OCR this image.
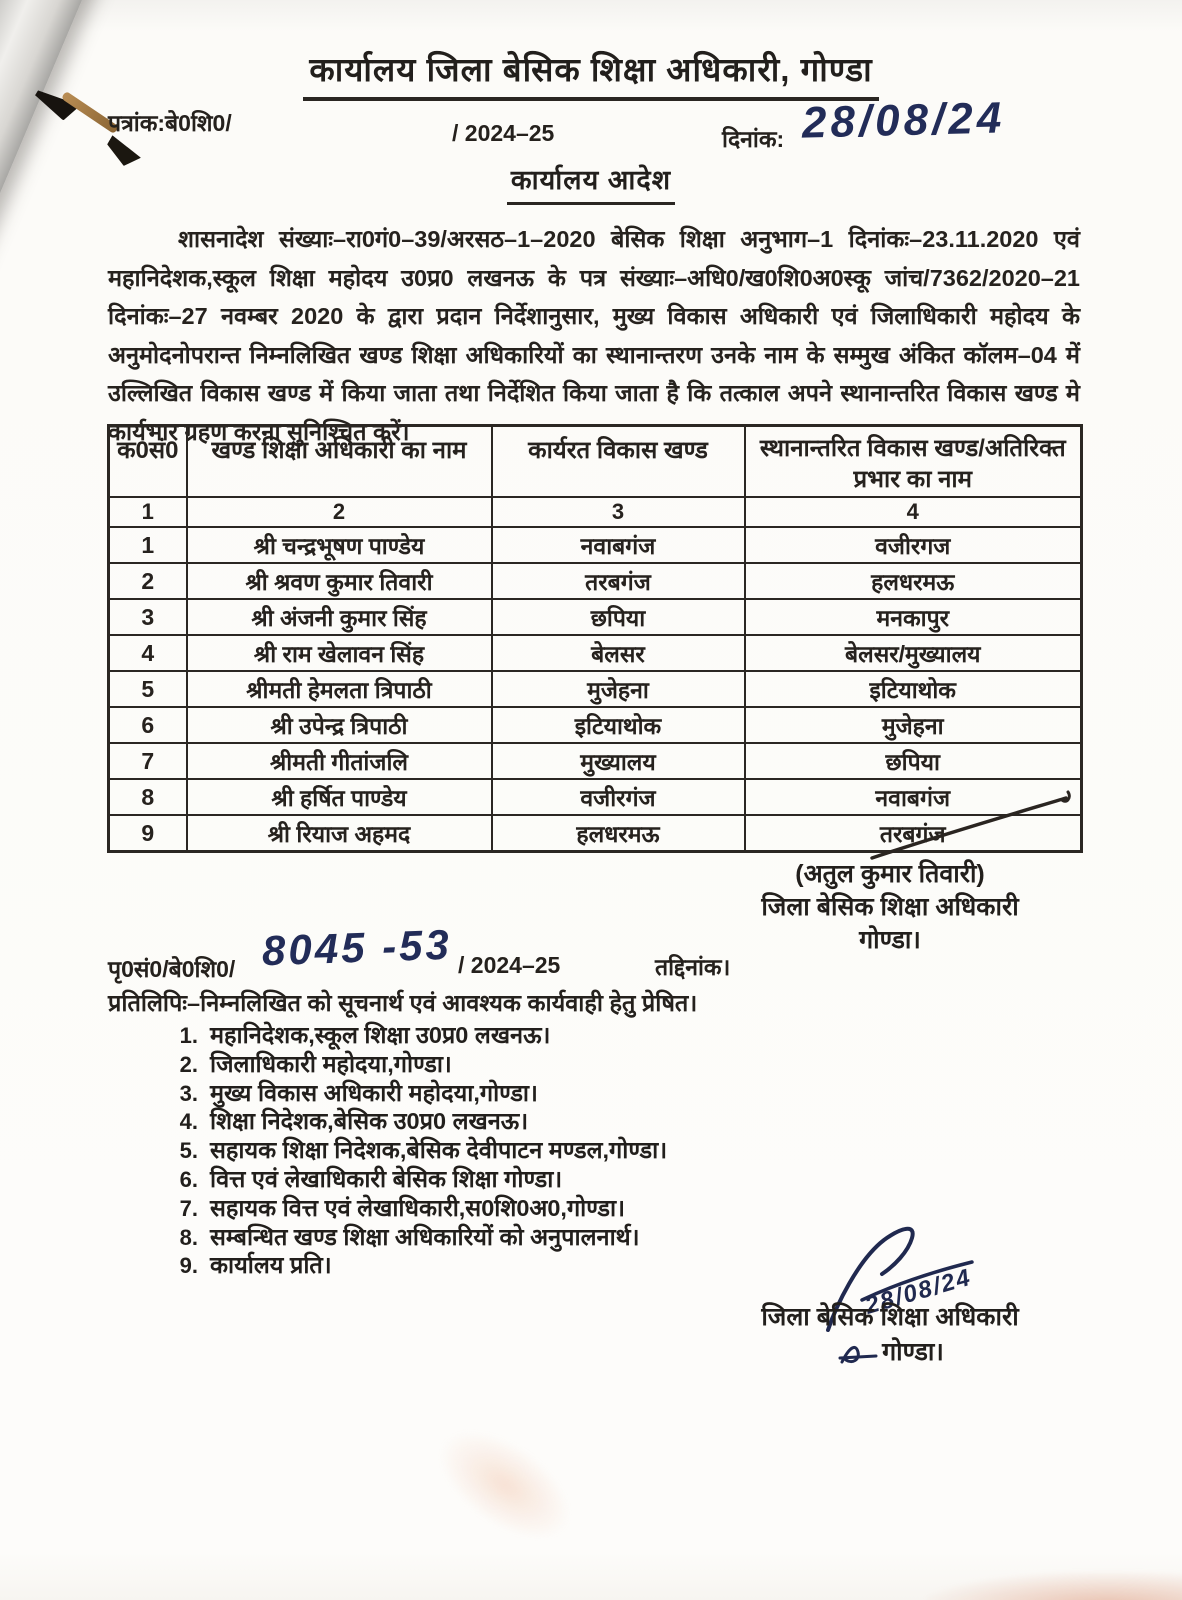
कार्यालय जिला बेसिक शिक्षा अधिकारी, गोण्डा
पत्रांक:बे0शि0/	/ 2024–25	दिनांक: 28/08/24
कार्यालय आदेश

शासनादेश संख्याः–रा0गं0–39/अरसठ–1–2020 बेसिक शिक्षा अनुभाग–1 दिनांकः–23.11.2020 एवं महानिदेशक,स्कूल शिक्षा महोदय उ0प्र0 लखनऊ के पत्र संख्याः–अधि0/ख0शि0अ0स्कू जांच/7362/2020–21 दिनांकः–27 नवम्बर 2020 के द्वारा प्रदान निर्देशानुसार, मुख्य विकास अधिकारी एवं जिलाधिकारी महोदय के अनुमोदनोपरान्त निम्नलिखित खण्ड शिक्षा अधिकारियों का स्थानान्तरण उनके नाम के सम्मुख अंकित कॉलम–04 में उल्लिखित विकास खण्ड में किया जाता तथा निर्देशित किया जाता है कि तत्काल अपने स्थानान्तरित विकास खण्ड मे कार्यभार ग्रहण करना सुनिश्चित करें।

क0सं0	खण्ड शिक्षा अधिकारी का नाम	कार्यरत विकास खण्ड	स्थानान्तरित विकास खण्ड/अतिरिक्त प्रभार का नाम
1	2	3	4
1	श्री चन्द्रभूषण पाण्डेय	नवाबगंज	वजीरगज
2	श्री श्रवण कुमार तिवारी	तरबगंज	हलधरमऊ
3	श्री अंजनी कुमार सिंह	छपिया	मनकापुर
4	श्री राम खेलावन सिंह	बेलसर	बेलसर/मुख्यालय
5	श्रीमती हेमलता त्रिपाठी	मुजेहना	इटियाथोक
6	श्री उपेन्द्र त्रिपाठी	इटियाथोक	मुजेहना
7	श्रीमती गीतांजलि	मुख्यालय	छपिया
8	श्री हर्षित पाण्डेय	वजीरगंज	नवाबगंज
9	श्री रियाज अहमद	हलधरमऊ	तरबगंज
(अतुल कुमार तिवारी)
जिला बेसिक शिक्षा अधिकारी
गोण्डा।
पृ0सं0/बे0शि0/ 8045 -53 / 2024–25	तद्दिनांक।
प्रतिलिपिः–निम्नलिखित को सूचनार्थ एवं आवश्यक कार्यवाही हेतु प्रेषित।
1. महानिदेशक,स्कूल शिक्षा उ0प्र0 लखनऊ।
2. जिलाधिकारी महोदया,गोण्डा।
3. मुख्य विकास अधिकारी महोदया,गोण्डा।
4. शिक्षा निदेशक,बेसिक उ0प्र0 लखनऊ।
5. सहायक शिक्षा निदेशक,बेसिक देवीपाटन मण्डल,गोण्डा।
6. वित्त एवं लेखाधिकारी बेसिक शिक्षा गोण्डा।
7. सहायक वित्त एवं लेखाधिकारी,स0शि0अ0,गोण्डा।
8. सम्बन्धित खण्ड शिक्षा अधिकारियों को अनुपालनार्थ।
9. कार्यालय प्रति।	28/08/24
जिला बेसिक शिक्षा अधिकारी
गोण्डा।
